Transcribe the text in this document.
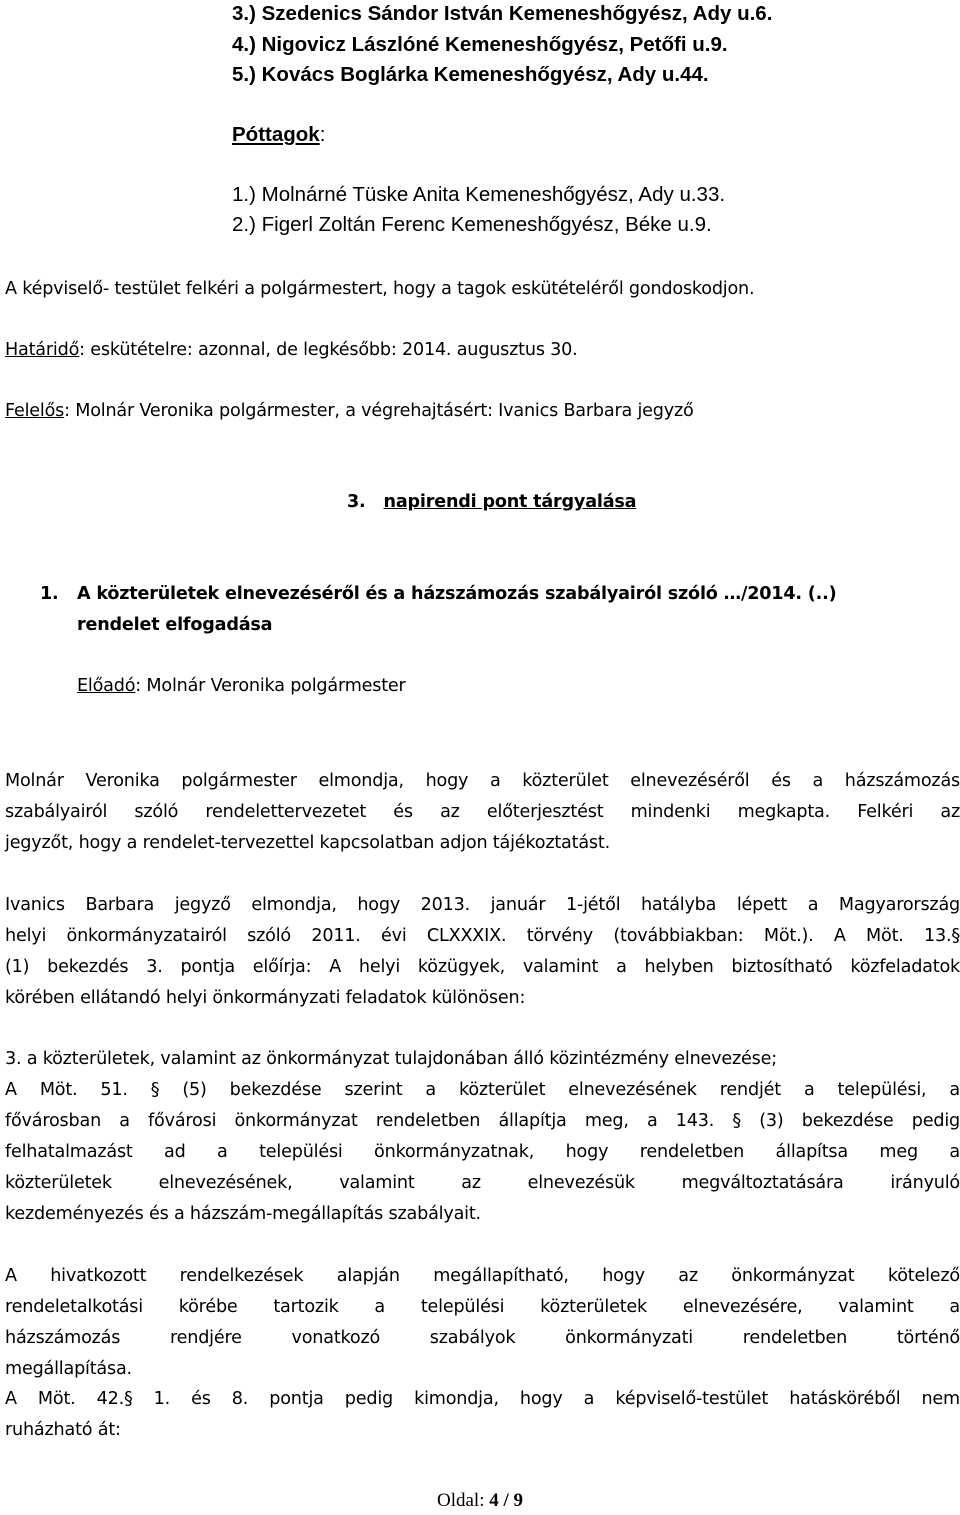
3.) Szedenics Sándor István Kemeneshőgyész, Ady u.6.
4.) Nigovicz Lászlóné Kemeneshőgyész, Petőfi u.9.
5.) Kovács Boglárka Kemeneshőgyész, Ady u.44.
Póttagok:
1.) Molnárné Tüske Anita Kemeneshőgyész, Ady u.33.
2.) Figerl Zoltán Ferenc Kemeneshőgyész, Béke u.9.
A képviselő- testület felkéri a polgármestert, hogy a tagok eskütételéről gondoskodjon.
Határidő: eskütételre: azonnal, de legkésőbb: 2014. augusztus 30.
Felelős: Molnár Veronika polgármester, a végrehajtásért: Ivanics Barbara jegyző
3. napirendi pont tárgyalása
1. A közterületek elnevezéséről és a házszámozás szabályairól szóló …/2014. (..)
rendelet elfogadása
Előadó: Molnár Veronika polgármester
Molnár Veronika polgármester elmondja, hogy a közterület elnevezéséről és a házszámozás
szabályairól szóló rendelettervezetet és az előterjesztést mindenki megkapta. Felkéri az
jegyzőt, hogy a rendelet-tervezettel kapcsolatban adjon tájékoztatást.
Ivanics Barbara jegyző elmondja, hogy 2013. január 1-jétől hatályba lépett a Magyarország
helyi önkormányzatairól szóló 2011. évi CLXXXIX. törvény (továbbiakban: Möt.). A Möt. 13.§
(1) bekezdés 3. pontja előírja: A helyi közügyek, valamint a helyben biztosítható közfeladatok
körében ellátandó helyi önkormányzati feladatok különösen:
3. a közterületek, valamint az önkormányzat tulajdonában álló közintézmény elnevezése;
A Möt. 51. § (5) bekezdése szerint a közterület elnevezésének rendjét a települési, a
fővárosban a fővárosi önkormányzat rendeletben állapítja meg, a 143. § (3) bekezdése pedig
felhatalmazást ad a települési önkormányzatnak, hogy rendeletben állapítsa meg a
közterületek elnevezésének, valamint az elnevezésük megváltoztatására irányuló
kezdeményezés és a házszám-megállapítás szabályait.
A hivatkozott rendelkezések alapján megállapítható, hogy az önkormányzat kötelező
rendeletalkotási körébe tartozik a települési közterületek elnevezésére, valamint a
házszámozás rendjére vonatkozó szabályok önkormányzati rendeletben történő
megállapítása.
A Möt. 42.§ 1. és 8. pontja pedig kimondja, hogy a képviselő-testület hatásköréből nem
ruházható át:
Oldal: 4 / 9
